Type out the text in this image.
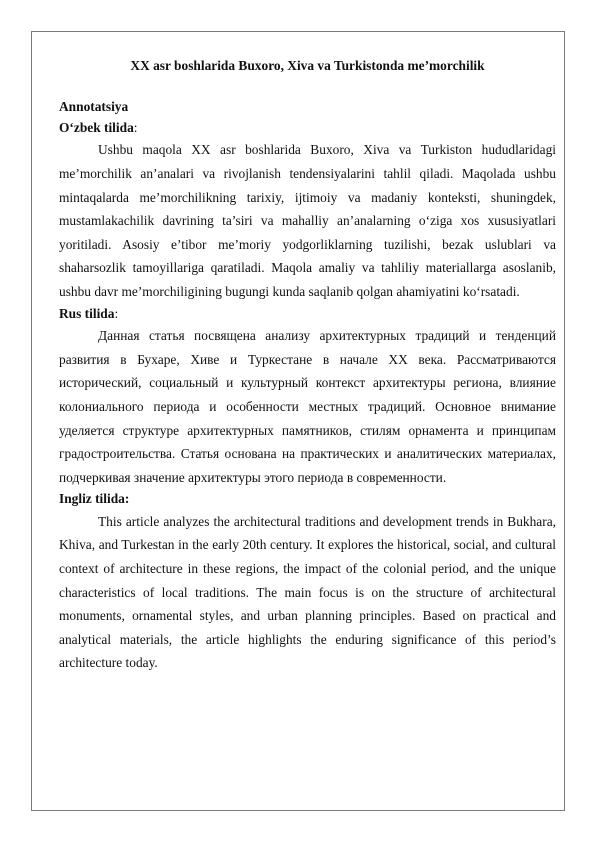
XX asr boshlarida Buxoro, Xiva va Turkistonda me’morchilik

Annotatsiya

O‘zbek tilida:

Ushbu maqola XX asr boshlarida Buxoro, Xiva va Turkiston hududlaridagi me’morchilik an’analari va rivojlanish tendensiyalarini tahlil qiladi. Maqolada ushbu mintaqalarda me’morchilikning tarixiy, ijtimoiy va madaniy konteksti, shuningdek, mustamlakachilik davrining ta’siri va mahalliy an’analarning o‘ziga xos xususiyatlari yoritiladi. Asosiy e’tibor me’moriy yodgorliklarning tuzilishi, bezak uslublari va shaharsozlik tamoyillariga qaratiladi. Maqola amaliy va tahliliy materiallarga asoslanib, ushbu davr me’morchiligining bugungi kunda saqlanib qolgan ahamiyatini ko‘rsatadi.

Rus tilida:

Данная статья посвящена анализу архитектурных традиций и тенденций развития в Бухаре, Хиве и Туркестане в начале XX века. Рассматриваются исторический, социальный и культурный контекст архитектуры региона, влияние колониального периода и особенности местных традиций. Основное внимание уделяется структуре архитектурных памятников, стилям орнамента и принципам градостроительства. Статья основана на практических и аналитических материалах, подчеркивая значение архитектуры этого периода в современности.

Ingliz tilida:

This article analyzes the architectural traditions and development trends in Bukhara, Khiva, and Turkestan in the early 20th century. It explores the historical, social, and cultural context of architecture in these regions, the impact of the colonial period, and the unique characteristics of local traditions. The main focus is on the structure of architectural monuments, ornamental styles, and urban planning principles. Based on practical and analytical materials, the article highlights the enduring significance of this period’s architecture today.
